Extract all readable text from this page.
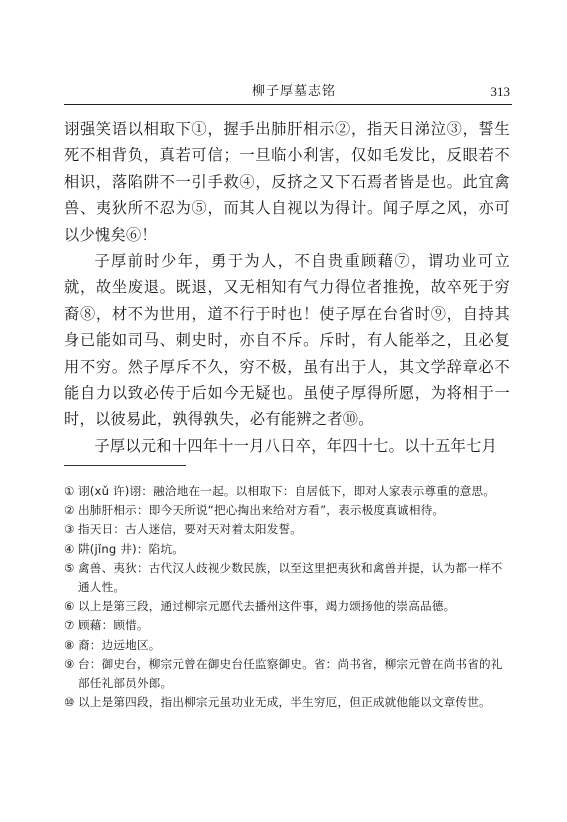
柳子厚墓志铭	313

诩强笑语以相取下①，握手出肺肝相示②，指天日涕泣③，誓生死不相背负，真若可信；一旦临小利害，仅如毛发比，反眼若不相识，落陷阱不一引手救④，反挤之又下石焉者皆是也。此宜禽兽、夷狄所不忍为⑤，而其人自视以为得计。闻子厚之风，亦可以少愧矣⑥！

子厚前时少年，勇于为人，不自贵重顾藉⑦，谓功业可立就，故坐废退。既退，又无相知有气力得位者推挽，故卒死于穷裔⑧，材不为世用，道不行于时也！使子厚在台省时⑨，自持其身已能如司马、刺史时，亦自不斥。斥时，有人能举之，且必复用不穷。然子厚斥不久，穷不极，虽有出于人，其文学辞章必不能自力以致必传于后如今无疑也。虽使子厚得所愿，为将相于一时，以彼易此，孰得孰失，必有能辨之者⑩。

子厚以元和十四年十一月八日卒，年四十七。以十五年七月

① 诩(xǔ 许)诩：融洽地在一起。以相取下：自居低下，即对人家表示尊重的意思。
② 出肺肝相示：即今天所说“把心掏出来给对方看”，表示极度真诚相待。
③ 指天日：古人迷信，要对天对着太阳发誓。
④ 阱(jǐng 井)：陷坑。
⑤ 禽兽、夷狄：古代汉人歧视少数民族，以至这里把夷狄和禽兽并提，认为都一样不通人性。
⑥ 以上是第三段，通过柳宗元愿代去播州这件事，竭力颂扬他的崇高品德。
⑦ 顾藉：顾惜。
⑧ 裔：边远地区。
⑨ 台：御史台，柳宗元曾在御史台任监察御史。省：尚书省，柳宗元曾在尚书省的礼部任礼部员外郎。
⑩ 以上是第四段，指出柳宗元虽功业无成，半生穷厄，但正成就他能以文章传世。
